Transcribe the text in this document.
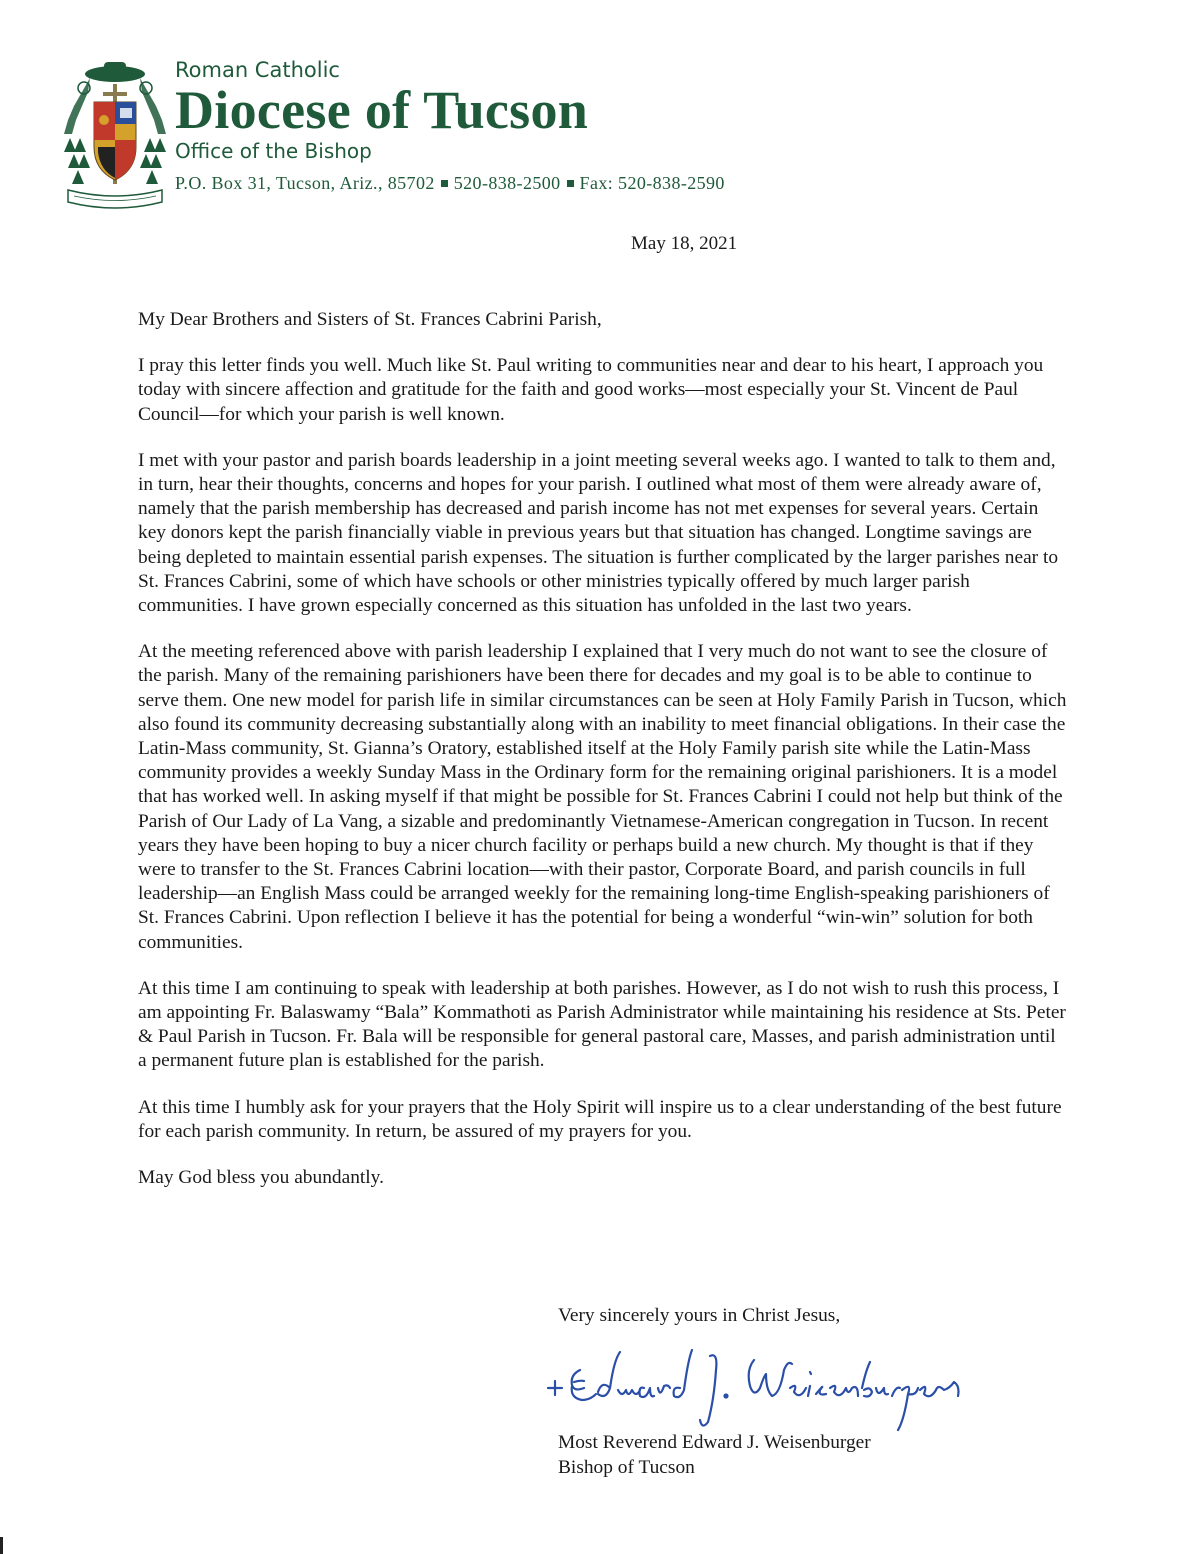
Roman Catholic
Diocese of Tucson
Office of the Bishop
P.O. Box 31, Tucson, Ariz., 85702 520-838-2500 Fax: 520-838-2590
May 18, 2021

My Dear Brothers and Sisters of St. Frances Cabrini Parish,

I pray this letter finds you well. Much like St. Paul writing to communities near and dear to his heart, I approach you today with sincere affection and gratitude for the faith and good works—most especially your St. Vincent de Paul Council—for which your parish is well known.

I met with your pastor and parish boards leadership in a joint meeting several weeks ago. I wanted to talk to them and, in turn, hear their thoughts, concerns and hopes for your parish. I outlined what most of them were already aware of, namely that the parish membership has decreased and parish income has not met expenses for several years. Certain key donors kept the parish financially viable in previous years but that situation has changed. Longtime savings are being depleted to maintain essential parish expenses. The situation is further complicated by the larger parishes near to St. Frances Cabrini, some of which have schools or other ministries typically offered by much larger parish communities. I have grown especially concerned as this situation has unfolded in the last two years.

At the meeting referenced above with parish leadership I explained that I very much do not want to see the closure of the parish. Many of the remaining parishioners have been there for decades and my goal is to be able to continue to serve them. One new model for parish life in similar circumstances can be seen at Holy Family Parish in Tucson, which also found its community decreasing substantially along with an inability to meet financial obligations. In their case the Latin-Mass community, St. Gianna’s Oratory, established itself at the Holy Family parish site while the Latin-Mass community provides a weekly Sunday Mass in the Ordinary form for the remaining original parishioners. It is a model that has worked well. In asking myself if that might be possible for St. Frances Cabrini I could not help but think of the Parish of Our Lady of La Vang, a sizable and predominantly Vietnamese-American congregation in Tucson. In recent years they have been hoping to buy a nicer church facility or perhaps build a new church. My thought is that if they were to transfer to the St. Frances Cabrini location—with their pastor, Corporate Board, and parish councils in full leadership—an English Mass could be arranged weekly for the remaining long-time English-speaking parishioners of St. Frances Cabrini. Upon reflection I believe it has the potential for being a wonderful “win-win” solution for both communities.

At this time I am continuing to speak with leadership at both parishes. However, as I do not wish to rush this process, I am appointing Fr. Balaswamy “Bala” Kommathoti as Parish Administrator while maintaining his residence at Sts. Peter & Paul Parish in Tucson. Fr. Bala will be responsible for general pastoral care, Masses, and parish administration until a permanent future plan is established for the parish.

At this time I humbly ask for your prayers that the Holy Spirit will inspire us to a clear understanding of the best future for each parish community. In return, be assured of my prayers for you.

May God bless you abundantly.

Very sincerely yours in Christ Jesus,
Most Reverend Edward J. Weisenburger
Bishop of Tucson
